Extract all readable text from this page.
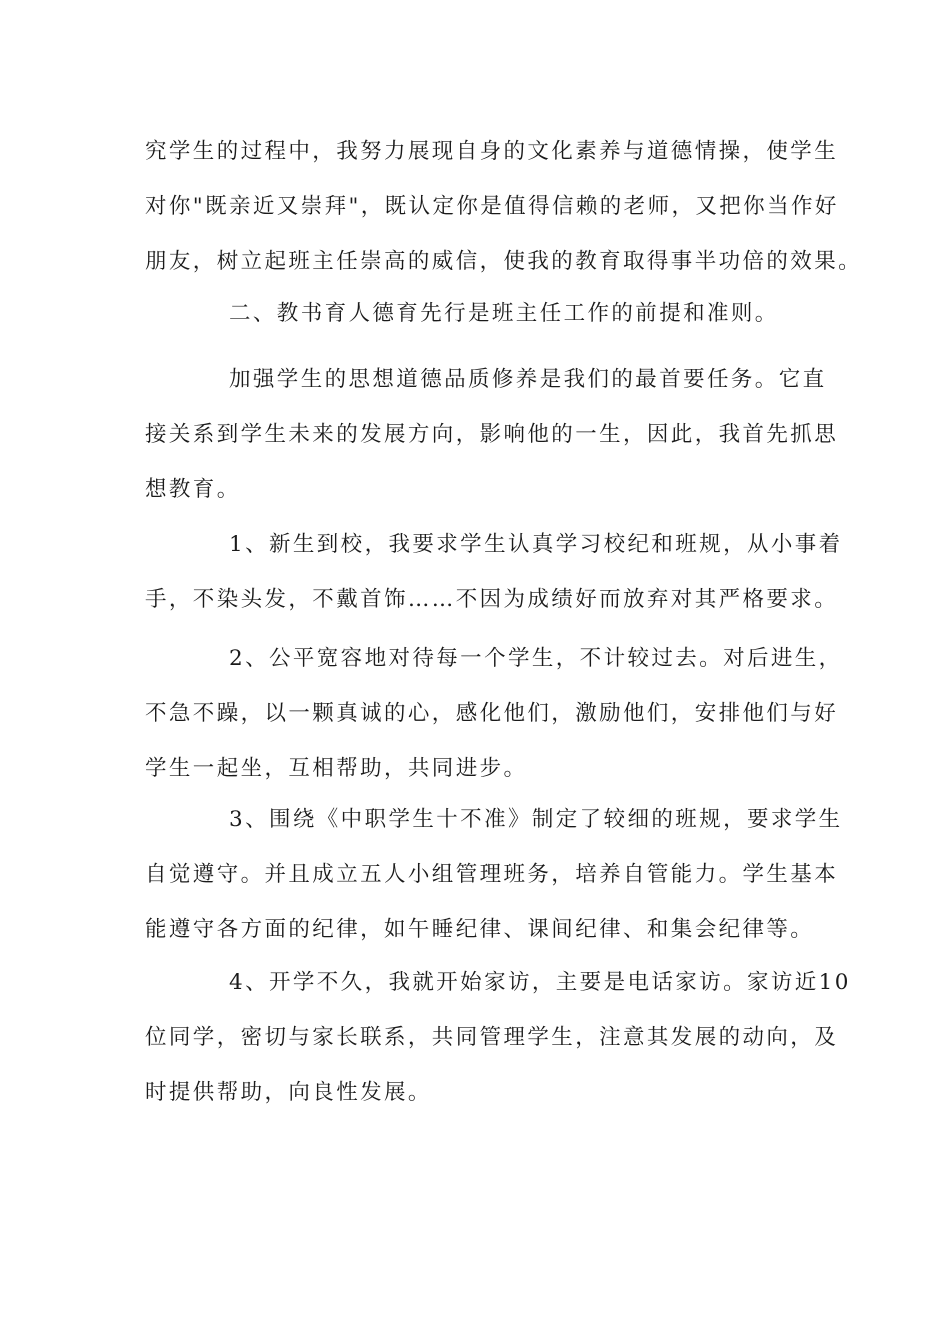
究学生的过程中，我努力展现自身的文化素养与道德情操，使学生
对你"既亲近又崇拜"，既认定你是值得信赖的老师，又把你当作好
朋友，树立起班主任崇高的威信，使我的教育取得事半功倍的效果。
二、教书育人德育先行是班主任工作的前提和准则。
加强学生的思想道德品质修养是我们的最首要任务。它直
接关系到学生未来的发展方向，影响他的一生，因此，我首先抓思
想教育。
1、新生到校，我要求学生认真学习校纪和班规，从小事着
手，不染头发，不戴首饰……不因为成绩好而放弃对其严格要求。
2、公平宽容地对待每一个学生，不计较过去。对后进生，
不急不躁，以一颗真诚的心，感化他们，激励他们，安排他们与好
学生一起坐，互相帮助，共同进步。
3、围绕《中职学生十不准》制定了较细的班规，要求学生
自觉遵守。并且成立五人小组管理班务，培养自管能力。学生基本
能遵守各方面的纪律，如午睡纪律、课间纪律、和集会纪律等。
4、开学不久，我就开始家访，主要是电话家访。家访近10
位同学，密切与家长联系，共同管理学生，注意其发展的动向，及
时提供帮助，向良性发展。
